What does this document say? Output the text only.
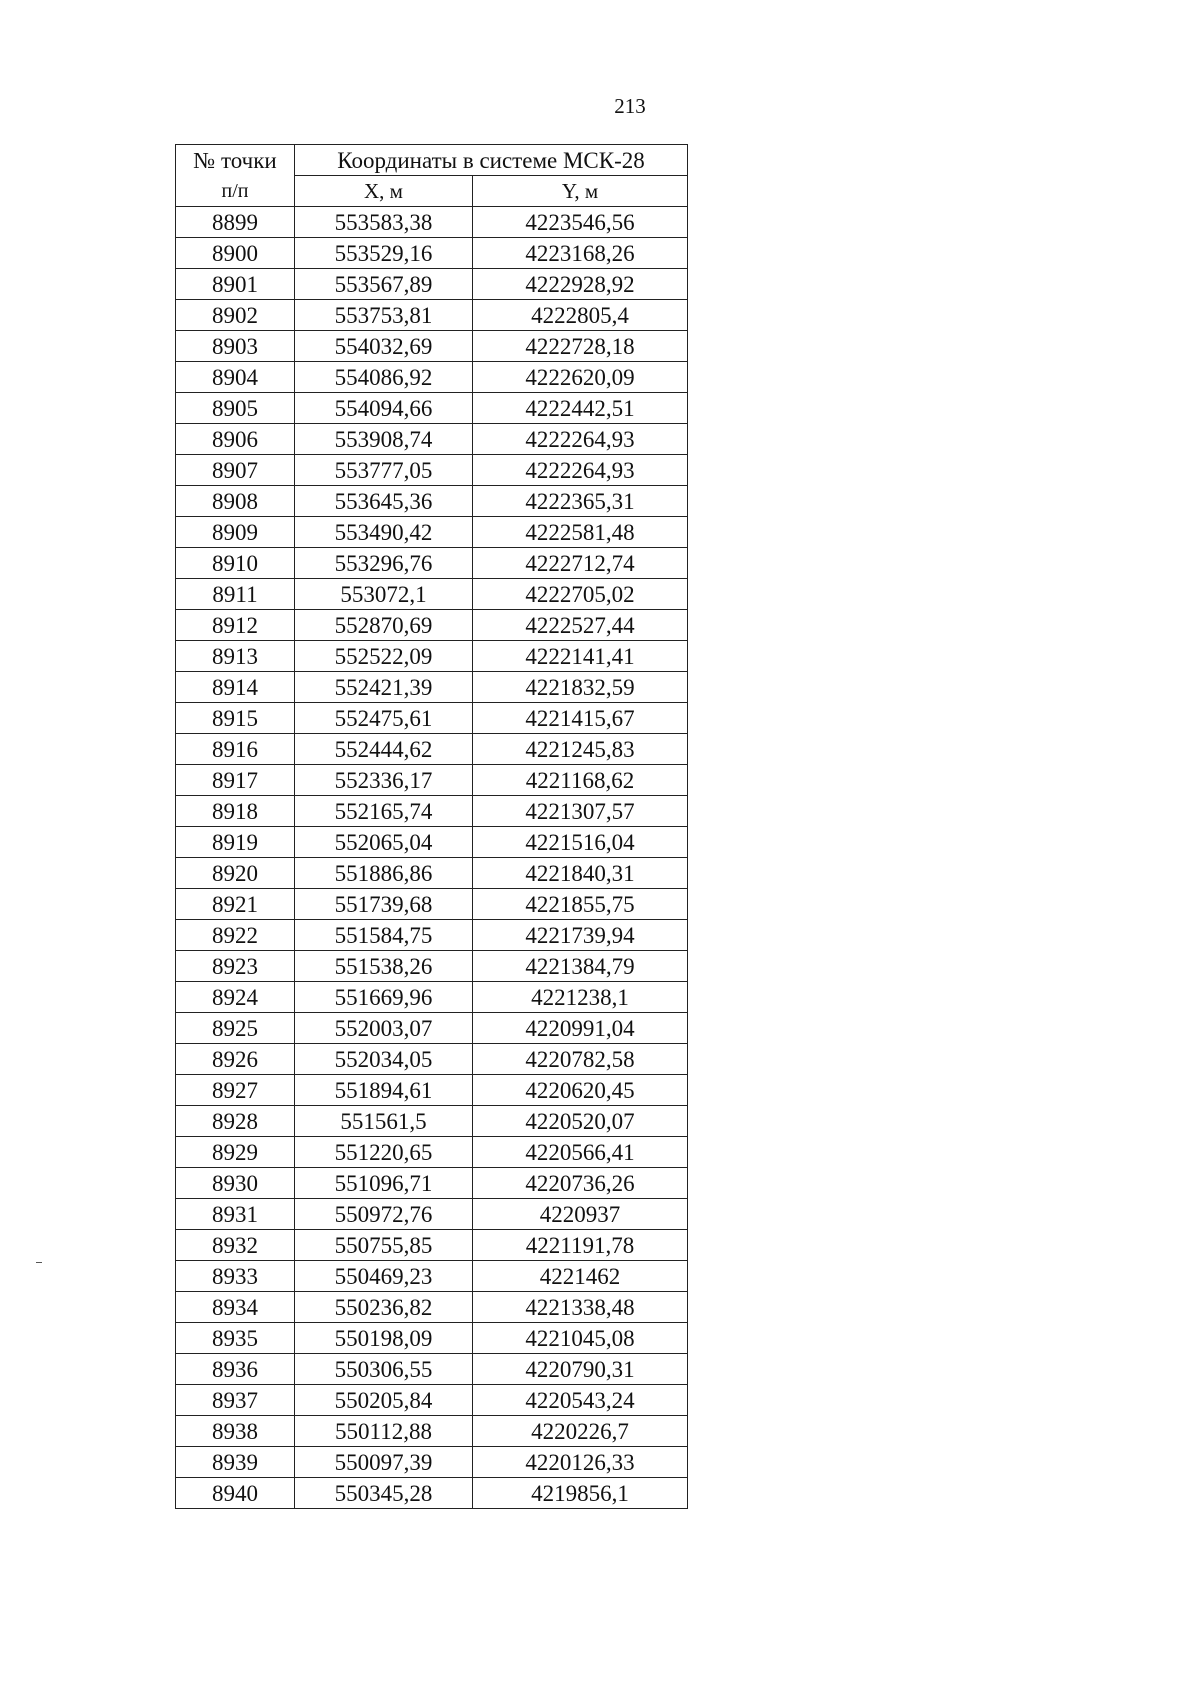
213
№ точки	Координаты в системе МСК-28	
п/п	X, м	Y, м
8899	553583,38	4223546,56
8900	553529,16	4223168,26
8901	553567,89	4222928,92
8902	553753,81	4222805,4
8903	554032,69	4222728,18
8904	554086,92	4222620,09
8905	554094,66	4222442,51
8906	553908,74	4222264,93
8907	553777,05	4222264,93
8908	553645,36	4222365,31
8909	553490,42	4222581,48
8910	553296,76	4222712,74
8911	553072,1	4222705,02
8912	552870,69	4222527,44
8913	552522,09	4222141,41
8914	552421,39	4221832,59
8915	552475,61	4221415,67
8916	552444,62	4221245,83
8917	552336,17	4221168,62
8918	552165,74	4221307,57
8919	552065,04	4221516,04
8920	551886,86	4221840,31
8921	551739,68	4221855,75
8922	551584,75	4221739,94
8923	551538,26	4221384,79
8924	551669,96	4221238,1
8925	552003,07	4220991,04
8926	552034,05	4220782,58
8927	551894,61	4220620,45
8928	551561,5	4220520,07
8929	551220,65	4220566,41
8930	551096,71	4220736,26
8931	550972,76	4220937
8932	550755,85	4221191,78
8933	550469,23	4221462
8934	550236,82	4221338,48
8935	550198,09	4221045,08
8936	550306,55	4220790,31
8937	550205,84	4220543,24
8938	550112,88	4220226,7
8939	550097,39	4220126,33
8940	550345,28	4219856,1
